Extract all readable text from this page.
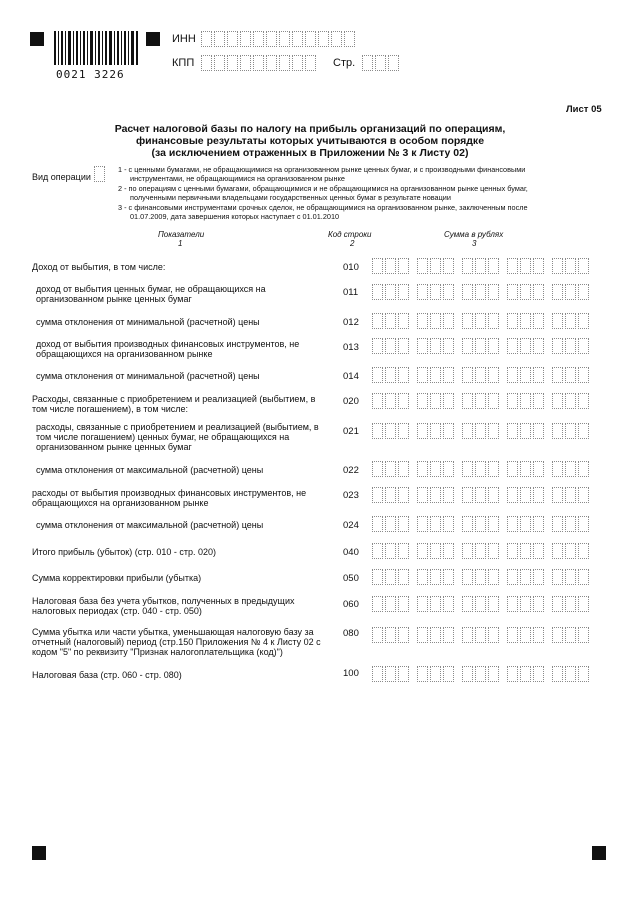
0021 3226
ИНН
КПП	Стр.
Лист 05
Расчет налоговой базы по налогу на прибыль организаций по операциям,
финансовые результаты которых учитываются в особом порядке
(за исключением отраженных в Приложении № 3 к Листу 02)
Вид операции
1 - с ценными бумагами, не обращающимися на организованном рынке ценных бумаг, и с производными финансовыми
инструментами, не обращающимися на организованном рынке
2 - по операциям с ценными бумагами, обращающимися и не обращающимися на организованном рынке ценных бумаг,
полученными первичными владельцами государственных ценных бумаг в результате новации
3 - с финансовыми инструментами срочных сделок, не обращающимися на организованном рынке, заключенным после
01.07.2009, дата завершения которых наступает с 01.01.2010
Показатели
1
Код строки
2
Сумма в рублях
3
Доход от выбытия, в том числе:	010
доход от выбытия ценных бумаг, не обращающихся на
организованном рынке ценных бумаг
011
сумма отклонения от минимальной (расчетной) цены	012
доход от выбытия производных финансовых инструментов, не
обращающихся на организованном рынке
013
сумма отклонения от минимальной (расчетной) цены	014
Расходы, связанные с приобретением и реализацией (выбытием, в
том числе погашением), в том числе:
020
расходы, связанные с приобретением и реализацией (выбытием, в
том числе погашением) ценных бумаг, не обращающихся на
организованном рынке ценных бумаг
021
сумма отклонения от максимальной (расчетной) цены	022
расходы от выбытия производных финансовых инструментов, не
обращающихся на организованном рынке
023
сумма отклонения от максимальной (расчетной) цены	024
Итого прибыль (убыток) (стр. 010 - стр. 020)	040
Сумма корректировки прибыли (убытка)	050
Налоговая база без учета убытков, полученных в предыдущих
налоговых периодах (стр. 040 - стр. 050)
060
Сумма убытка или части убытка, уменьшающая налоговую базу за
отчетный (налоговый) период (стр.150 Приложения № 4 к Листу 02 с
кодом "5" по реквизиту "Признак налогоплательщика (код)")
080
Налоговая база (стр. 060 - стр. 080)	100
